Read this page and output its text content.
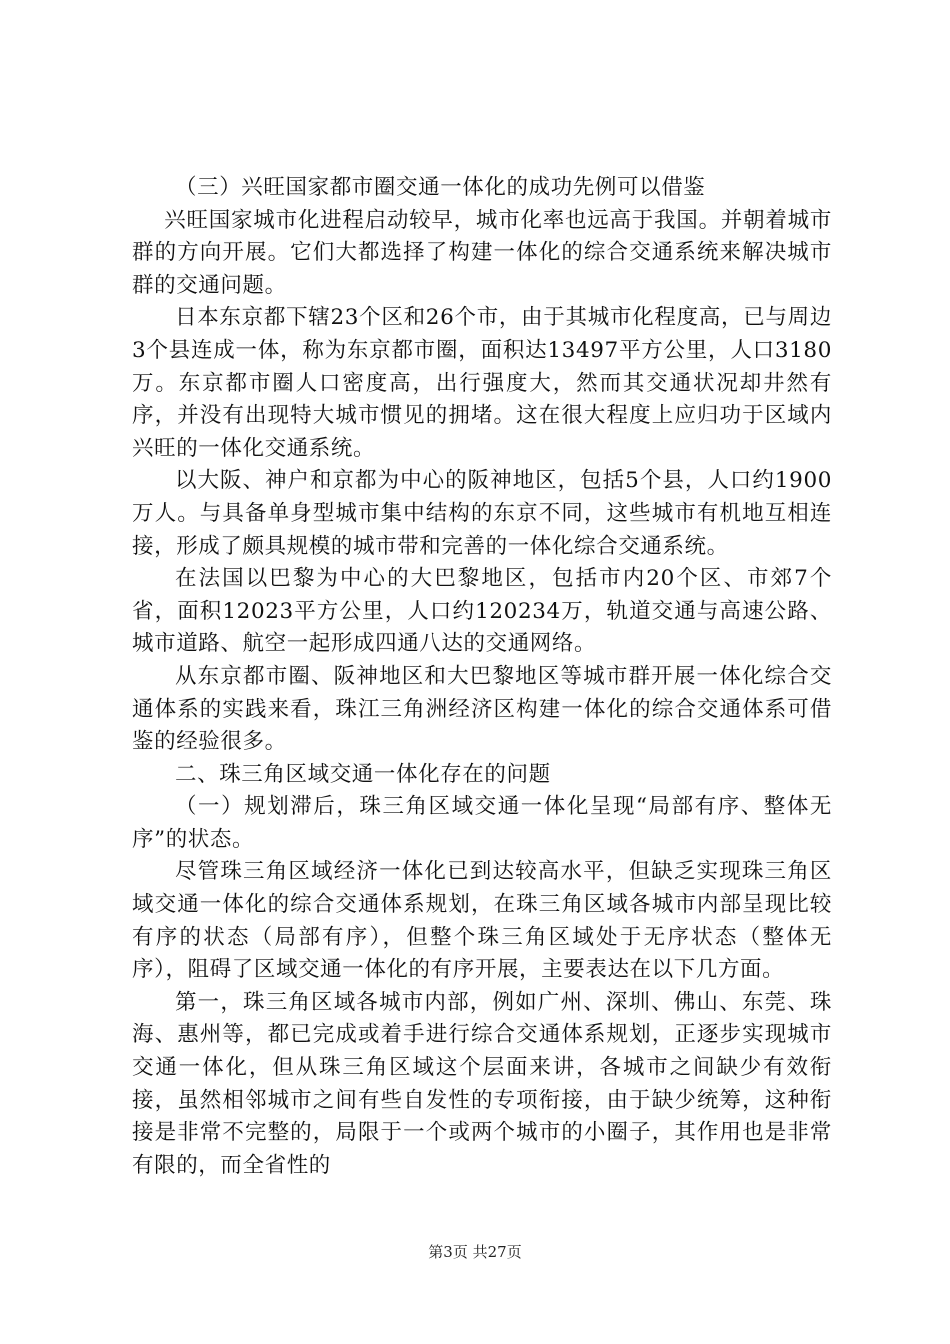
（三）兴旺国家都市圈交通一体化的成功先例可以借鉴

兴旺国家城市化进程启动较早，城市化率也远高于我国。并朝着城市群的方向开展。它们大都选择了构建一体化的综合交通系统来解决城市群的交通问题。

日本东京都下辖23个区和26个市，由于其城市化程度高，已与周边3个县连成一体，称为东京都市圈，面积达13497平方公里，人口3180万。东京都市圈人口密度高，出行强度大，然而其交通状况却井然有序，并没有出现特大城市惯见的拥堵。这在很大程度上应归功于区域内兴旺的一体化交通系统。

以大阪、神户和京都为中心的阪神地区，包括5个县，人口约1900万人。与具备单身型城市集中结构的东京不同，这些城市有机地互相连接，形成了颇具规模的城市带和完善的一体化综合交通系统。

在法国以巴黎为中心的大巴黎地区，包括市内20个区、市郊7个省，面积12023平方公里，人口约120234万，轨道交通与高速公路、城市道路、航空一起形成四通八达的交通网络。

从东京都市圈、阪神地区和大巴黎地区等城市群开展一体化综合交通体系的实践来看，珠江三角洲经济区构建一体化的综合交通体系可借鉴的经验很多。

二、珠三角区域交通一体化存在的问题

（一）规划滞后，珠三角区域交通一体化呈现“局部有序、整体无序”的状态。

尽管珠三角区域经济一体化已到达较高水平，但缺乏实现珠三角区域交通一体化的综合交通体系规划，在珠三角区域各城市内部呈现比较有序的状态（局部有序），但整个珠三角区域处于无序状态（整体无序），阻碍了区域交通一体化的有序开展，主要表达在以下几方面。

第一，珠三角区域各城市内部，例如广州、深圳、佛山、东莞、珠海、惠州等，都已完成或着手进行综合交通体系规划，正逐步实现城市交通一体化，但从珠三角区域这个层面来讲，各城市之间缺少有效衔接，虽然相邻城市之间有些自发性的专项衔接，由于缺少统筹，这种衔接是非常不完整的，局限于一个或两个城市的小圈子，其作用也是非常有限的，而全省性的

第3页 共27页
